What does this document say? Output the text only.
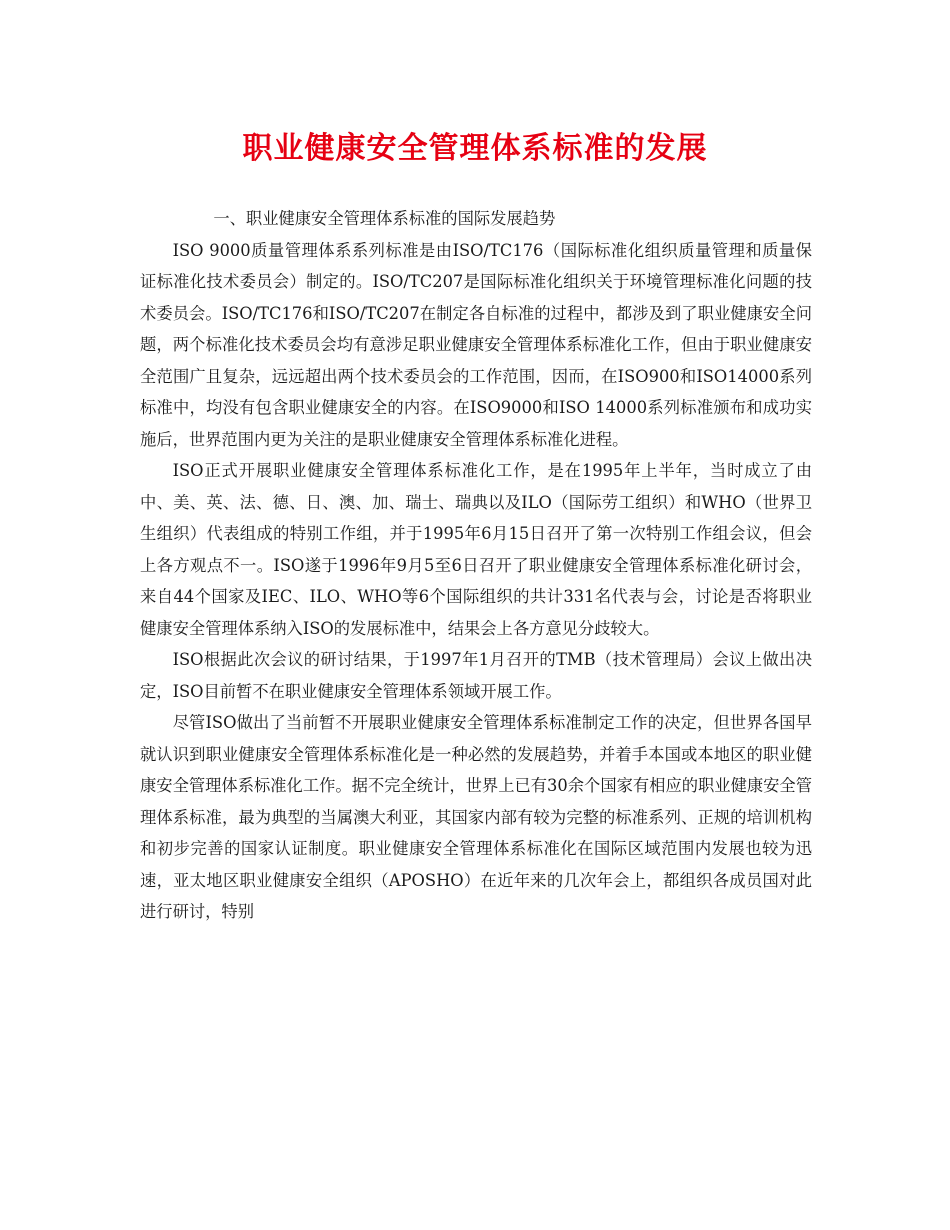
职业健康安全管理体系标准的发展

一、职业健康安全管理体系标准的国际发展趋势

ISO 9000质量管理体系系列标准是由ISO/TC176（国际标准化组织质量管理和质量保证标准化技术委员会）制定的。ISO/TC207是国际标准化组织关于环境管理标准化问题的技术委员会。ISO/TC176和ISO/TC207在制定各自标准的过程中，都涉及到了职业健康安全问题，两个标准化技术委员会均有意涉足职业健康安全管理体系标准化工作，但由于职业健康安全范围广且复杂，远远超出两个技术委员会的工作范围，因而，在ISO900和ISO14000系列标准中，均没有包含职业健康安全的内容。在ISO9000和ISO 14000系列标准颁布和成功实施后，世界范围内更为关注的是职业健康安全管理体系标准化进程。

ISO正式开展职业健康安全管理体系标准化工作，是在1995年上半年，当时成立了由中、美、英、法、德、日、澳、加、瑞士、瑞典以及ILO（国际劳工组织）和WHO（世界卫生组织）代表组成的特别工作组，并于1995年6月15日召开了第一次特别工作组会议，但会上各方观点不一。ISO遂于1996年9月5至6日召开了职业健康安全管理体系标准化研讨会，来自44个国家及IEC、ILO、WHO等6个国际组织的共计331名代表与会，讨论是否将职业健康安全管理体系纳入ISO的发展标准中，结果会上各方意见分歧较大。

ISO根据此次会议的研讨结果，于1997年1月召开的TMB（技术管理局）会议上做出决定，ISO目前暂不在职业健康安全管理体系领域开展工作。

尽管ISO做出了当前暂不开展职业健康安全管理体系标准制定工作的决定，但世界各国早就认识到职业健康安全管理体系标准化是一种必然的发展趋势，并着手本国或本地区的职业健康安全管理体系标准化工作。据不完全统计，世界上已有30余个国家有相应的职业健康安全管理体系标准，最为典型的当属澳大利亚，其国家内部有较为完整的标准系列、正规的培训机构和初步完善的国家认证制度。职业健康安全管理体系标准化在国际区域范围内发展也较为迅速，亚太地区职业健康安全组织（APOSHO）在近年来的几次年会上，都组织各成员国对此进行研讨，特别
